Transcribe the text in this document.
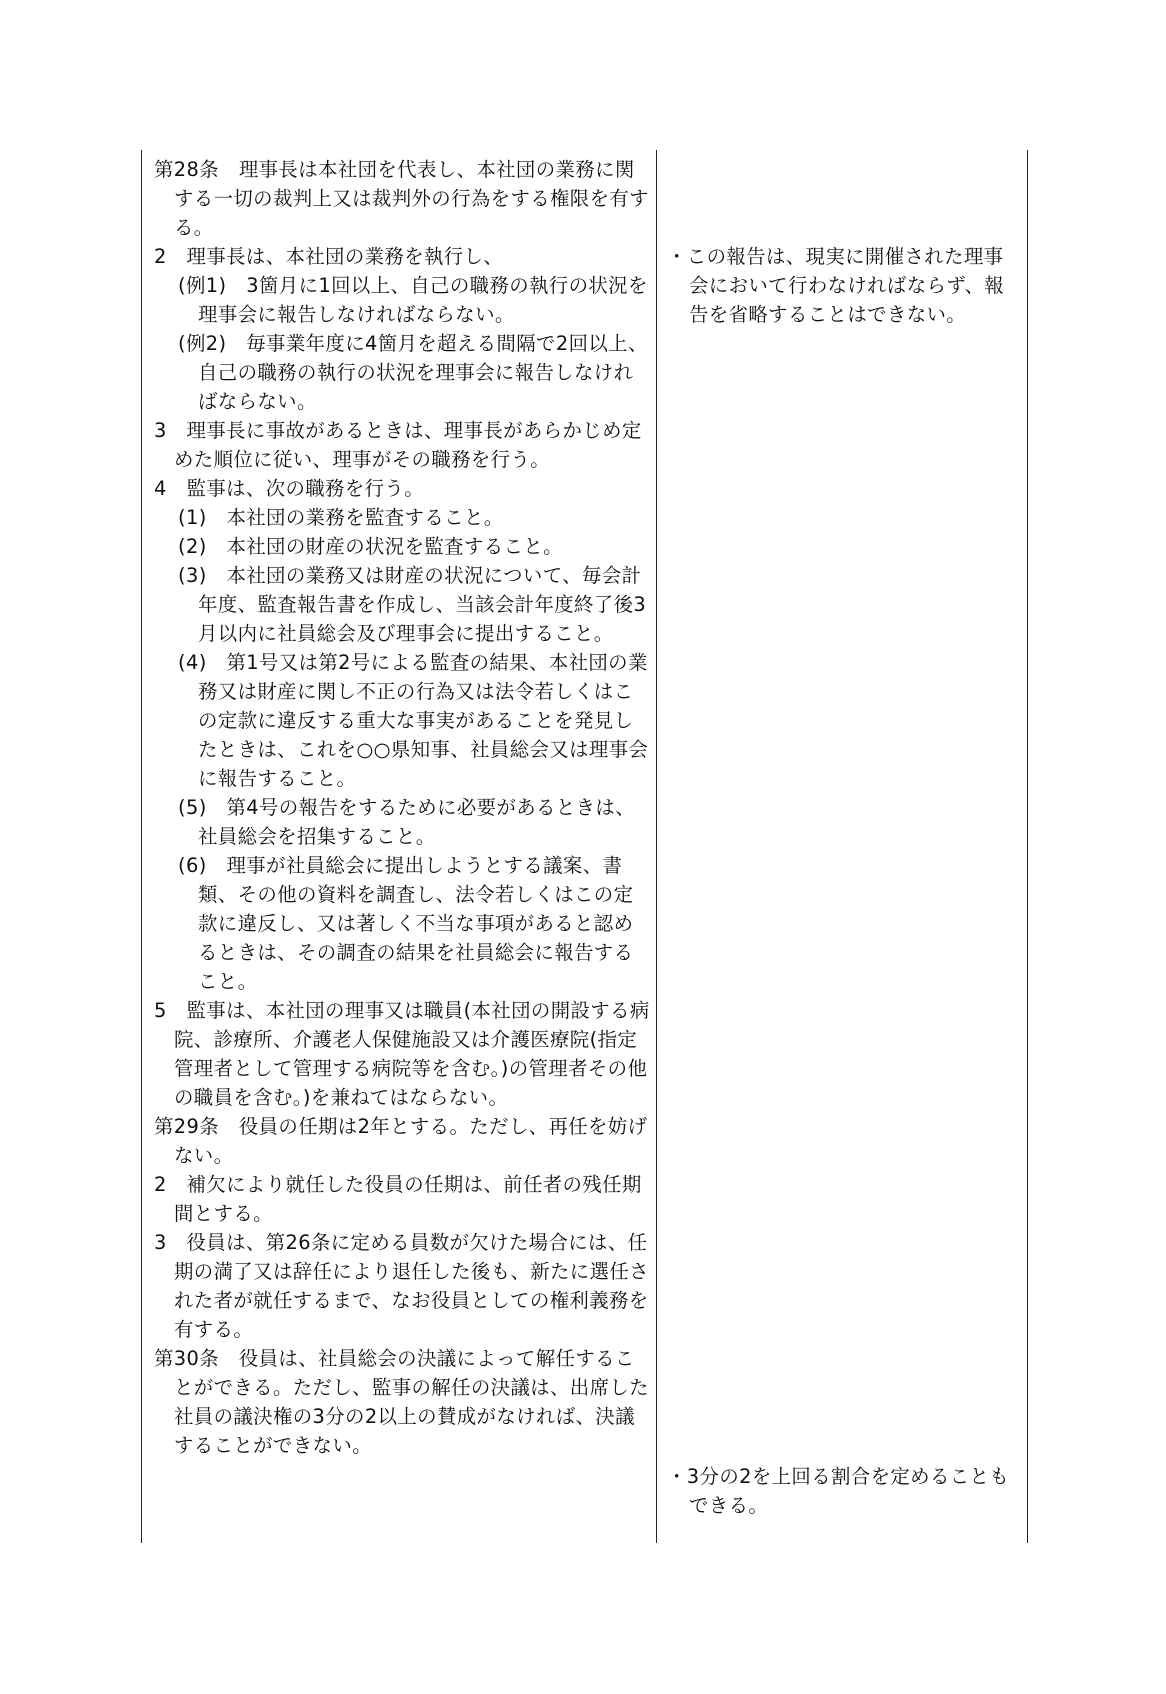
第28条　理事長は本社団を代表し、本社団の業務に関する一切の裁判上又は裁判外の行為をする権限を有する。

2　理事長は、本社団の業務を執行し、

(例1)　3箇月に1回以上、自己の職務の執行の状況を理事会に報告しなければならない。

(例2)　毎事業年度に4箇月を超える間隔で2回以上、自己の職務の執行の状況を理事会に報告しなければならない。

3　理事長に事故があるときは、理事長があらかじめ定めた順位に従い、理事がその職務を行う。

4　監事は、次の職務を行う。

(1)　本社団の業務を監査すること。

(2)　本社団の財産の状況を監査すること。

(3)　本社団の業務又は財産の状況について、毎会計年度、監査報告書を作成し、当該会計年度終了後3月以内に社員総会及び理事会に提出すること。

(4)　第1号又は第2号による監査の結果、本社団の業務又は財産に関し不正の行為又は法令若しくはこの定款に違反する重大な事実があることを発見したときは、これを○○県知事、社員総会又は理事会に報告すること。

(5)　第4号の報告をするために必要があるときは、社員総会を招集すること。

(6)　理事が社員総会に提出しようとする議案、書類、その他の資料を調査し、法令若しくはこの定款に違反し、又は著しく不当な事項があると認めるときは、その調査の結果を社員総会に報告すること。

5　監事は、本社団の理事又は職員(本社団の開設する病院、診療所、介護老人保健施設又は介護医療院(指定管理者として管理する病院等を含む。)の管理者その他の職員を含む。)を兼ねてはならない。

第29条　役員の任期は2年とする。ただし、再任を妨げない。

2　補欠により就任した役員の任期は、前任者の残任期間とする。

3　役員は、第26条に定める員数が欠けた場合には、任期の満了又は辞任により退任した後も、新たに選任された者が就任するまで、なお役員としての権利義務を有する。

第30条　役員は、社員総会の決議によって解任することができる。ただし、監事の解任の決議は、出席した社員の議決権の3分の2以上の賛成がなければ、決議することができない。

・この報告は、現実に開催された理事会において行わなければならず、報告を省略することはできない。

・3分の2を上回る割合を定めることもできる。
